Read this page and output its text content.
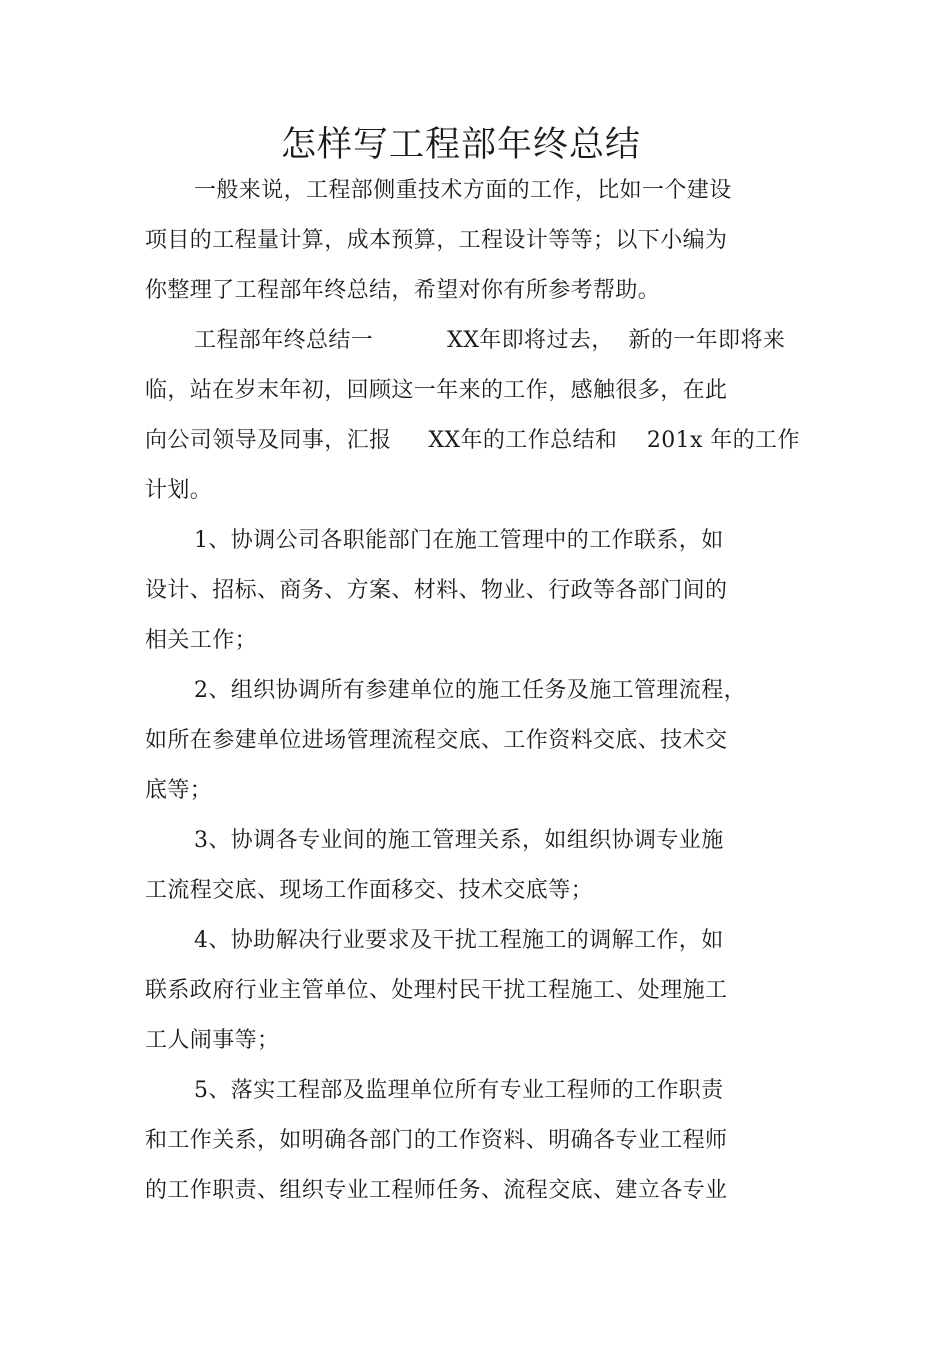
怎样写工程部年终总结
一般来说，工程部侧重技术方面的工作，比如一个建设
项目的工程量计算，成本预算，工程设计等等；以下小编为
你整理了工程部年终总结，希望对你有所参考帮助。
工程部年终总结一          XX年即将过去，  新的一年即将来
临，站在岁末年初，回顾这一年来的工作，感触很多，在此
向公司领导及同事，汇报     XX年的工作总结和    201x 年的工作
计划。
1、协调公司各职能部门在施工管理中的工作联系，如
设计、招标、商务、方案、材料、物业、行政等各部门间的
相关工作；
2、组织协调所有参建单位的施工任务及施工管理流程，
如所在参建单位进场管理流程交底、工作资料交底、技术交
底等；
3、协调各专业间的施工管理关系，如组织协调专业施
工流程交底、现场工作面移交、技术交底等；
4、协助解决行业要求及干扰工程施工的调解工作，如
联系政府行业主管单位、处理村民干扰工程施工、处理施工
工人闹事等；
5、落实工程部及监理单位所有专业工程师的工作职责
和工作关系，如明确各部门的工作资料、明确各专业工程师
的工作职责、组织专业工程师任务、流程交底、建立各专业
